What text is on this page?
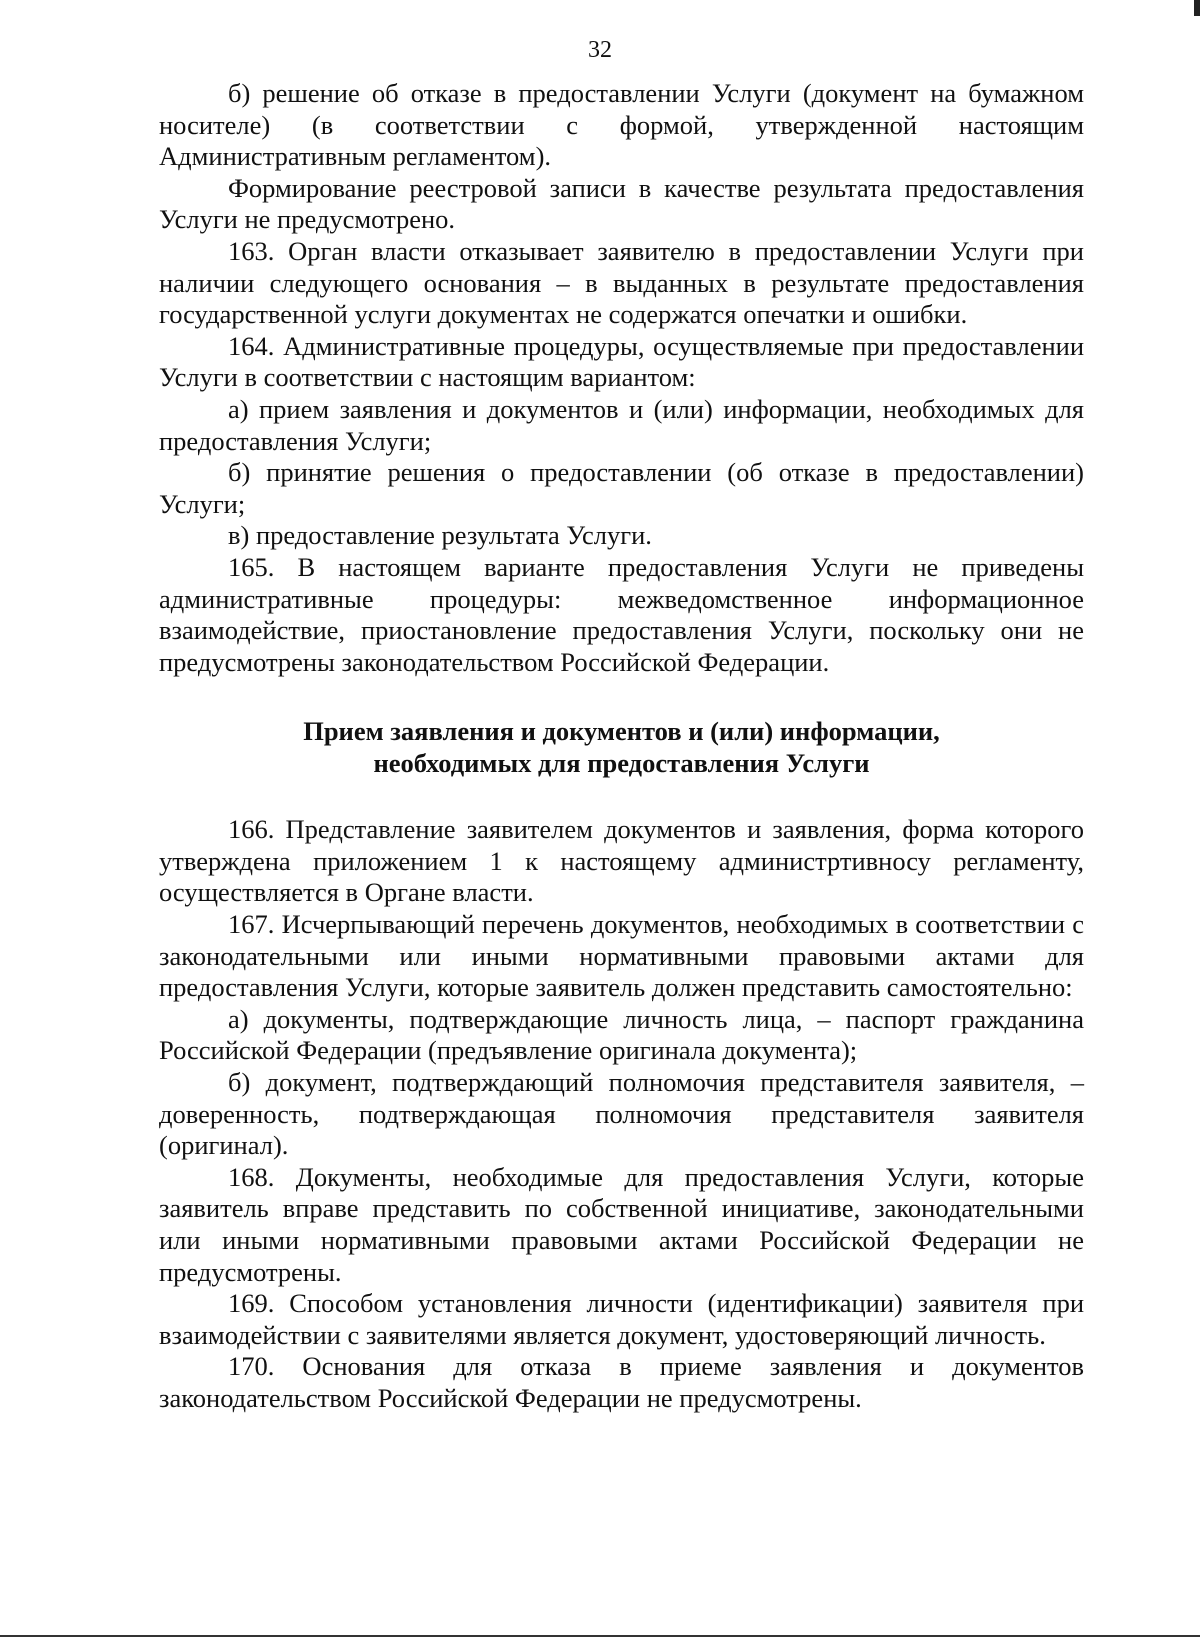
32

б) решение об отказе в предоставлении Услуги (документ на бумажном носителе) (в соответствии с формой, утвержденной настоящим Административным регламентом).

Формирование реестровой записи в качестве результата предоставления Услуги не предусмотрено.

163. Орган власти отказывает заявителю в предоставлении Услуги при наличии следующего основания – в выданных в результате предоставления государственной услуги документах не содержатся опечатки и ошибки.

164. Административные процедуры, осуществляемые при предоставлении Услуги в соответствии с настоящим вариантом:

а) прием заявления и документов и (или) информации, необходимых для предоставления Услуги;

б) принятие решения о предоставлении (об отказе в предоставлении) Услуги;

в) предоставление результата Услуги.

165. В настоящем варианте предоставления Услуги не приведены административные процедуры: межведомственное информационное взаимодействие, приостановление предоставления Услуги, поскольку они не предусмотрены законодательством Российской Федерации.

Прием заявления и документов и (или) информации,
необходимых для предоставления Услуги

166. Представление заявителем документов и заявления, форма которого утверждена приложением 1 к настоящему администртивносу регламенту, осуществляется в Органе власти.

167. Исчерпывающий перечень документов, необходимых в соответствии с законодательными или иными нормативными правовыми актами для предоставления Услуги, которые заявитель должен представить самостоятельно:

а) документы, подтверждающие личность лица, – паспорт гражданина Российской Федерации (предъявление оригинала документа);

б) документ, подтверждающий полномочия представителя заявителя, – доверенность, подтверждающая полномочия представителя заявителя (оригинал).

168. Документы, необходимые для предоставления Услуги, которые заявитель вправе представить по собственной инициативе, законодательными или иными нормативными правовыми актами Российской Федерации не предусмотрены.

169. Способом установления личности (идентификации) заявителя при взаимодействии с заявителями является документ, удостоверяющий личность.

170. Основания для отказа в приеме заявления и документов законодательством Российской Федерации не предусмотрены.
